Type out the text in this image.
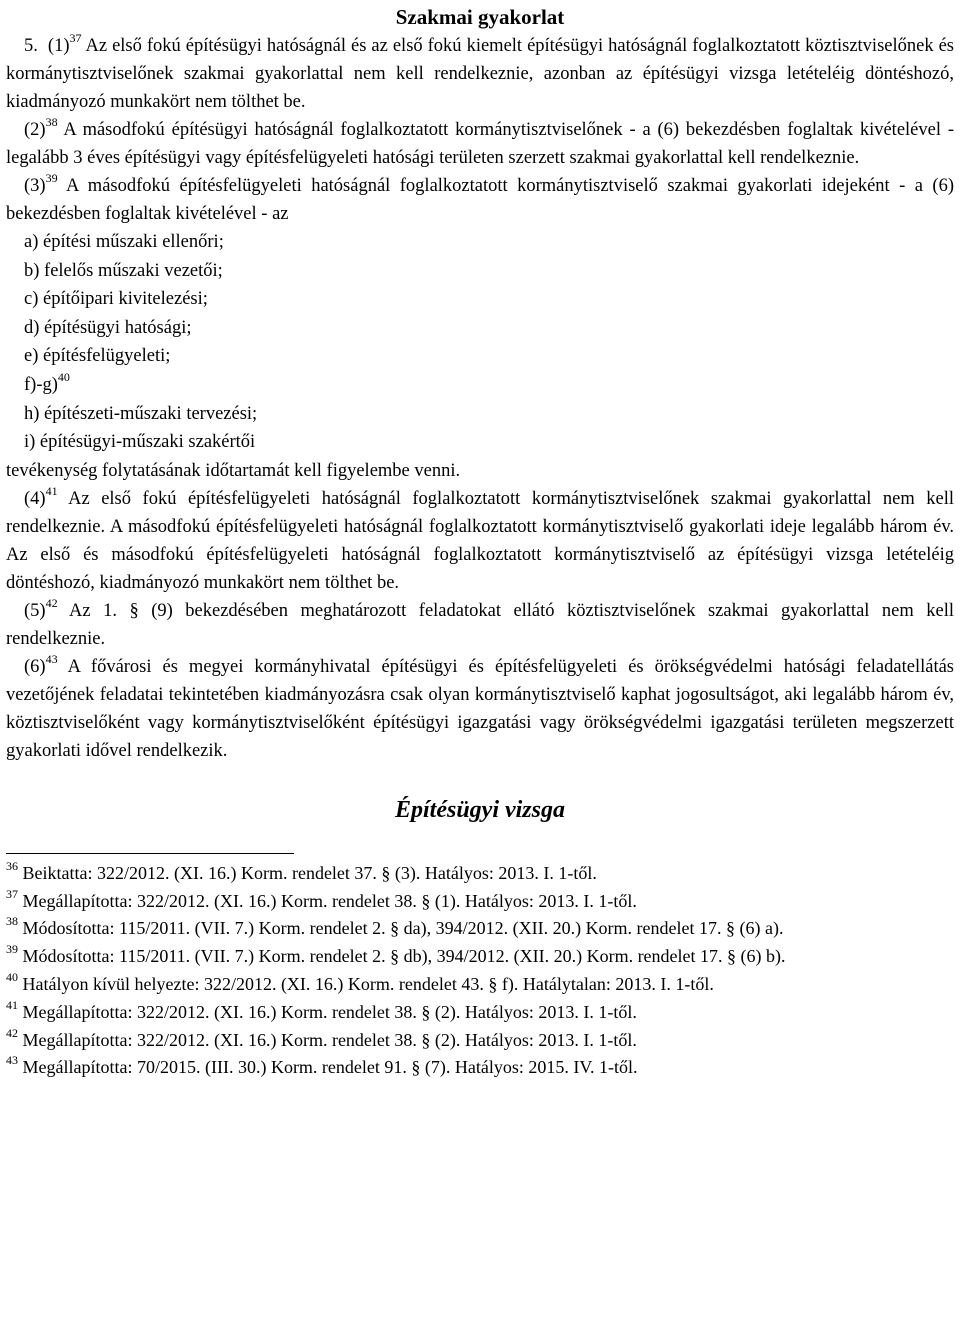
Szakmai gyakorlat

5. $(1)^{37}$ Az első fokú építésügyi hatóságnál és az első fokú kiemelt építésügyi hatóságnál foglalkoztatott köztisztviselőnek és kormánytisztviselőnek szakmai gyakorlattal nem kell rendelkeznie, azonban az építésügyi vizsga letételéig döntéshozó, kiadmányozó munkakört nem tölthet be.

$(2)^{38}$ A másodfokú építésügyi hatóságnál foglalkoztatott kormánytisztviselőnek - a (6) bekezdésben foglaltak kivételével - legalább 3 éves építésügyi vagy építésfelügyeleti hatósági területen szerzett szakmai gyakorlattal kell rendelkeznie.

$(3)^{39}$ A másodfokú építésfelügyeleti hatóságnál foglalkoztatott kormánytisztviselő szakmai gyakorlati idejeként - a (6) bekezdésben foglaltak kivételével - az

a) építési műszaki ellenőri;
b) felelős műszaki vezetői;
c) építőipari kivitelezési;
d) építésügyi hatósági;
e) építésfelügyeleti;
f)-g)$^{40}$
h) építészeti-műszaki tervezési;
i) építésügyi-műszaki szakértői

tevékenység folytatásának időtartamát kell figyelembe venni.

$(4)^{41}$ Az első fokú építésfelügyeleti hatóságnál foglalkoztatott kormánytisztviselőnek szakmai gyakorlattal nem kell rendelkeznie. A másodfokú építésfelügyeleti hatóságnál foglalkoztatott kormánytisztviselő gyakorlati ideje legalább három év. Az első és másodfokú építésfelügyeleti hatóságnál foglalkoztatott kormánytisztviselő az építésügyi vizsga letételéig döntéshozó, kiadmányozó munkakört nem tölthet be.

$(5)^{42}$ Az 1. § (9) bekezdésében meghatározott feladatokat ellátó köztisztviselőnek szakmai gyakorlattal nem kell rendelkeznie.

$(6)^{43}$ A fővárosi és megyei kormányhivatal építésügyi és építésfelügyeleti és örökségvédelmi hatósági feladatellátás vezetőjének feladatai tekintetében kiadmányozásra csak olyan kormánytisztviselő kaphat jogosultságot, aki legalább három év, köztisztviselőként vagy kormánytisztviselőként építésügyi igazgatási vagy örökségvédelmi igazgatási területen megszerzett gyakorlati idővel rendelkezik.

Építésügyi vizsga

$^{36}$ Beiktatta: 322/2012. (XI. 16.) Korm. rendelet 37. § (3). Hatályos: 2013. I. 1-től.

$^{37}$ Megállapította: 322/2012. (XI. 16.) Korm. rendelet 38. § (1). Hatályos: 2013. I. 1-től.

$^{38}$ Módosította: 115/2011. (VII. 7.) Korm. rendelet 2. § da), 394/2012. (XII. 20.) Korm. rendelet 17. § (6) a).

$^{39}$ Módosította: 115/2011. (VII. 7.) Korm. rendelet 2. § db), 394/2012. (XII. 20.) Korm. rendelet 17. § (6) b).

$^{40}$ Hatályon kívül helyezte: 322/2012. (XI. 16.) Korm. rendelet 43. § f). Hatálytalan: 2013. I. 1-től.

$^{41}$ Megállapította: 322/2012. (XI. 16.) Korm. rendelet 38. § (2). Hatályos: 2013. I. 1-től.

$^{42}$ Megállapította: 322/2012. (XI. 16.) Korm. rendelet 38. § (2). Hatályos: 2013. I. 1-től.

$^{43}$ Megállapította: 70/2015. (III. 30.) Korm. rendelet 91. § (7). Hatályos: 2015. IV. 1-től.
